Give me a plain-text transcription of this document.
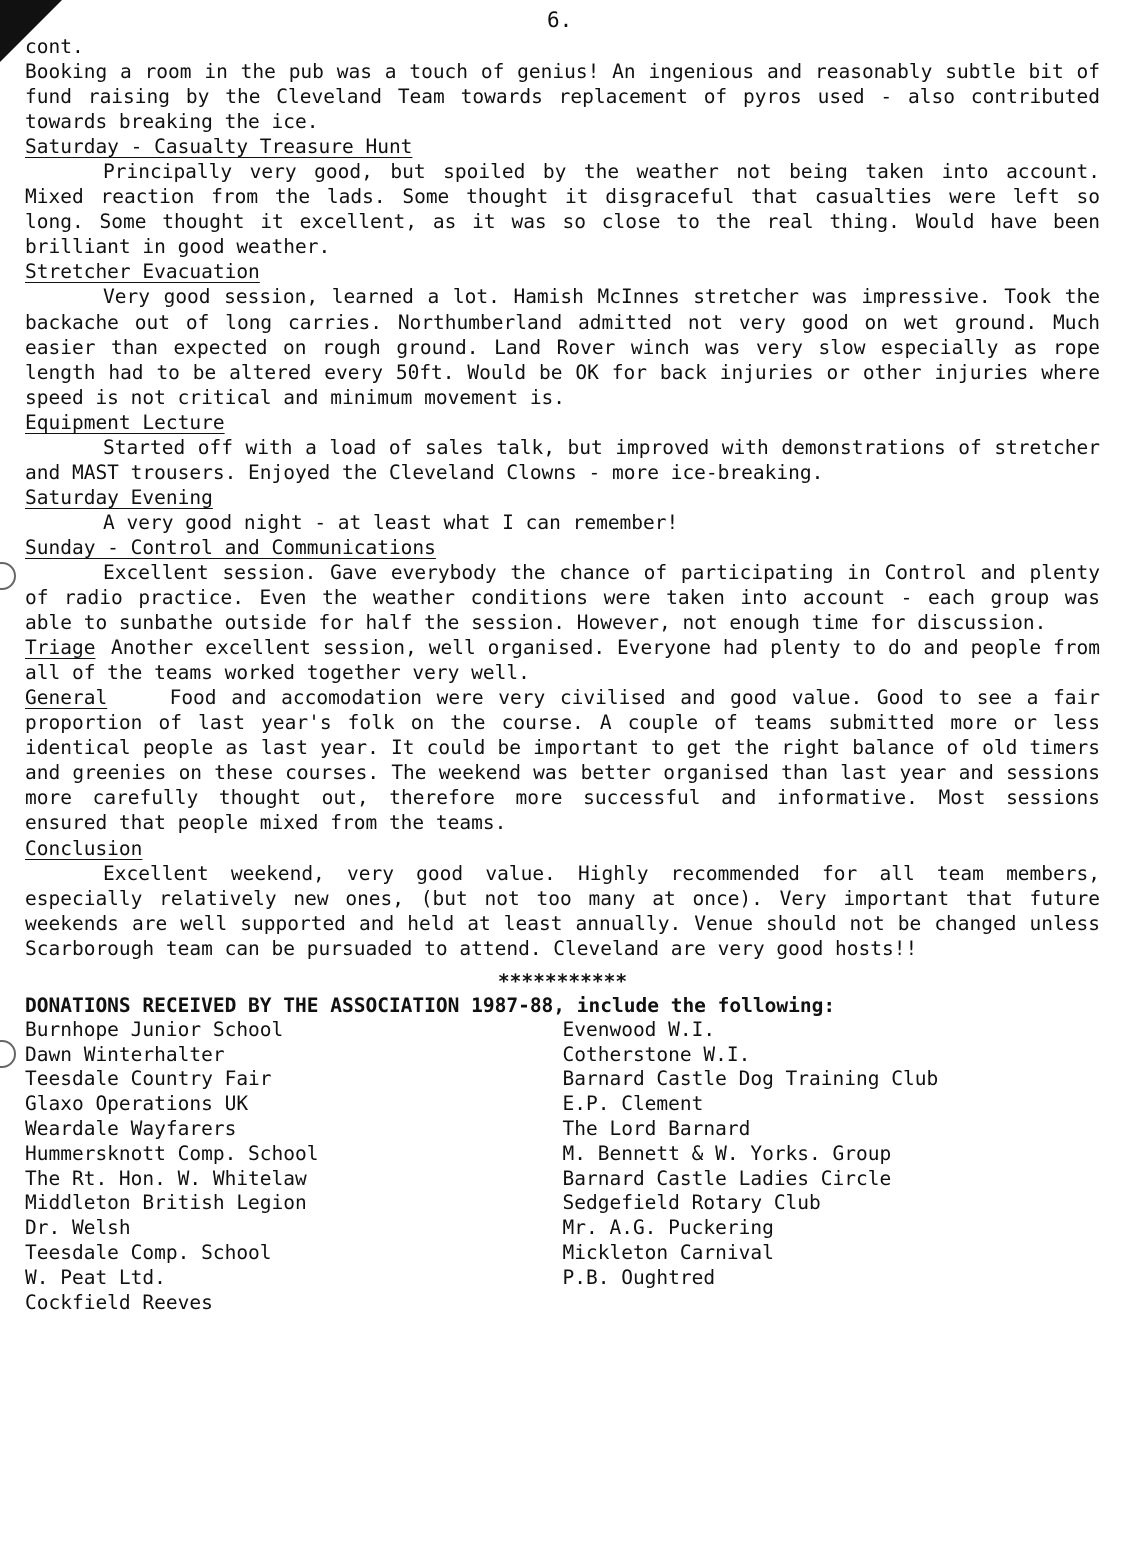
6.

cont.

Booking a room in the pub was a touch of genius! An ingenious and reasonably subtle bit of fund raising by the Cleveland Team towards replacement of pyros used - also contributed towards breaking the ice.

Saturday - Casualty Treasure Hunt

Principally very good, but spoiled by the weather not being taken into account. Mixed reaction from the lads. Some thought it disgraceful that casualties were left so long. Some thought it excellent, as it was so close to the real thing. Would have been brilliant in good weather.

Stretcher Evacuation

Very good session, learned a lot. Hamish McInnes stretcher was impressive. Took the backache out of long carries. Northumberland admitted not very good on wet ground. Much easier than expected on rough ground. Land Rover winch was very slow especially as rope length had to be altered every 50ft. Would be OK for back injuries or other injuries where speed is not critical and minimum movement is.

Equipment Lecture

Started off with a load of sales talk, but improved with demonstrations of stretcher and MAST trousers. Enjoyed the Cleveland Clowns - more ice-breaking.

Saturday Evening

A very good night - at least what I can remember!

Sunday - Control and Communications

Excellent session. Gave everybody the chance of participating in Control and plenty of radio practice. Even the weather conditions were taken into account - each group was able to sunbathe outside for half the session. However, not enough time for discussion.

Triage Another excellent session, well organised. Everyone had plenty to do and people from all of the teams worked together very well.

General	Food and accomodation were very civilised and good value. Good to see a fair proportion of last year's folk on the course. A couple of teams submitted more or less identical people as last year. It could be important to get the right balance of old timers and greenies on these courses. The weekend was better organised than last year and sessions more carefully thought out, therefore more successful and informative. Most sessions ensured that people mixed from the teams.

Conclusion

Excellent weekend, very good value. Highly recommended for all team members, especially relatively new ones, (but not too many at once). Very important that future weekends are well supported and held at least annually. Venue should not be changed unless Scarborough team can be pursuaded to attend. Cleveland are very good hosts!!

***********

DONATIONS RECEIVED BY THE ASSOCIATION 1987-88, include the following:

Burnhope Junior School
Dawn Winterhalter
Teesdale Country Fair
Glaxo Operations UK
Weardale Wayfarers
Hummersknott Comp. School
The Rt. Hon. W. Whitelaw
Middleton British Legion
Dr. Welsh
Teesdale Comp. School
W. Peat Ltd.
Cockfield Reeves
Evenwood W.I.
Cotherstone W.I.
Barnard Castle Dog Training Club
E.P. Clement
The Lord Barnard
M. Bennett & W. Yorks. Group
Barnard Castle Ladies Circle
Sedgefield Rotary Club
Mr. A.G. Puckering
Mickleton Carnival
P.B. Oughtred
